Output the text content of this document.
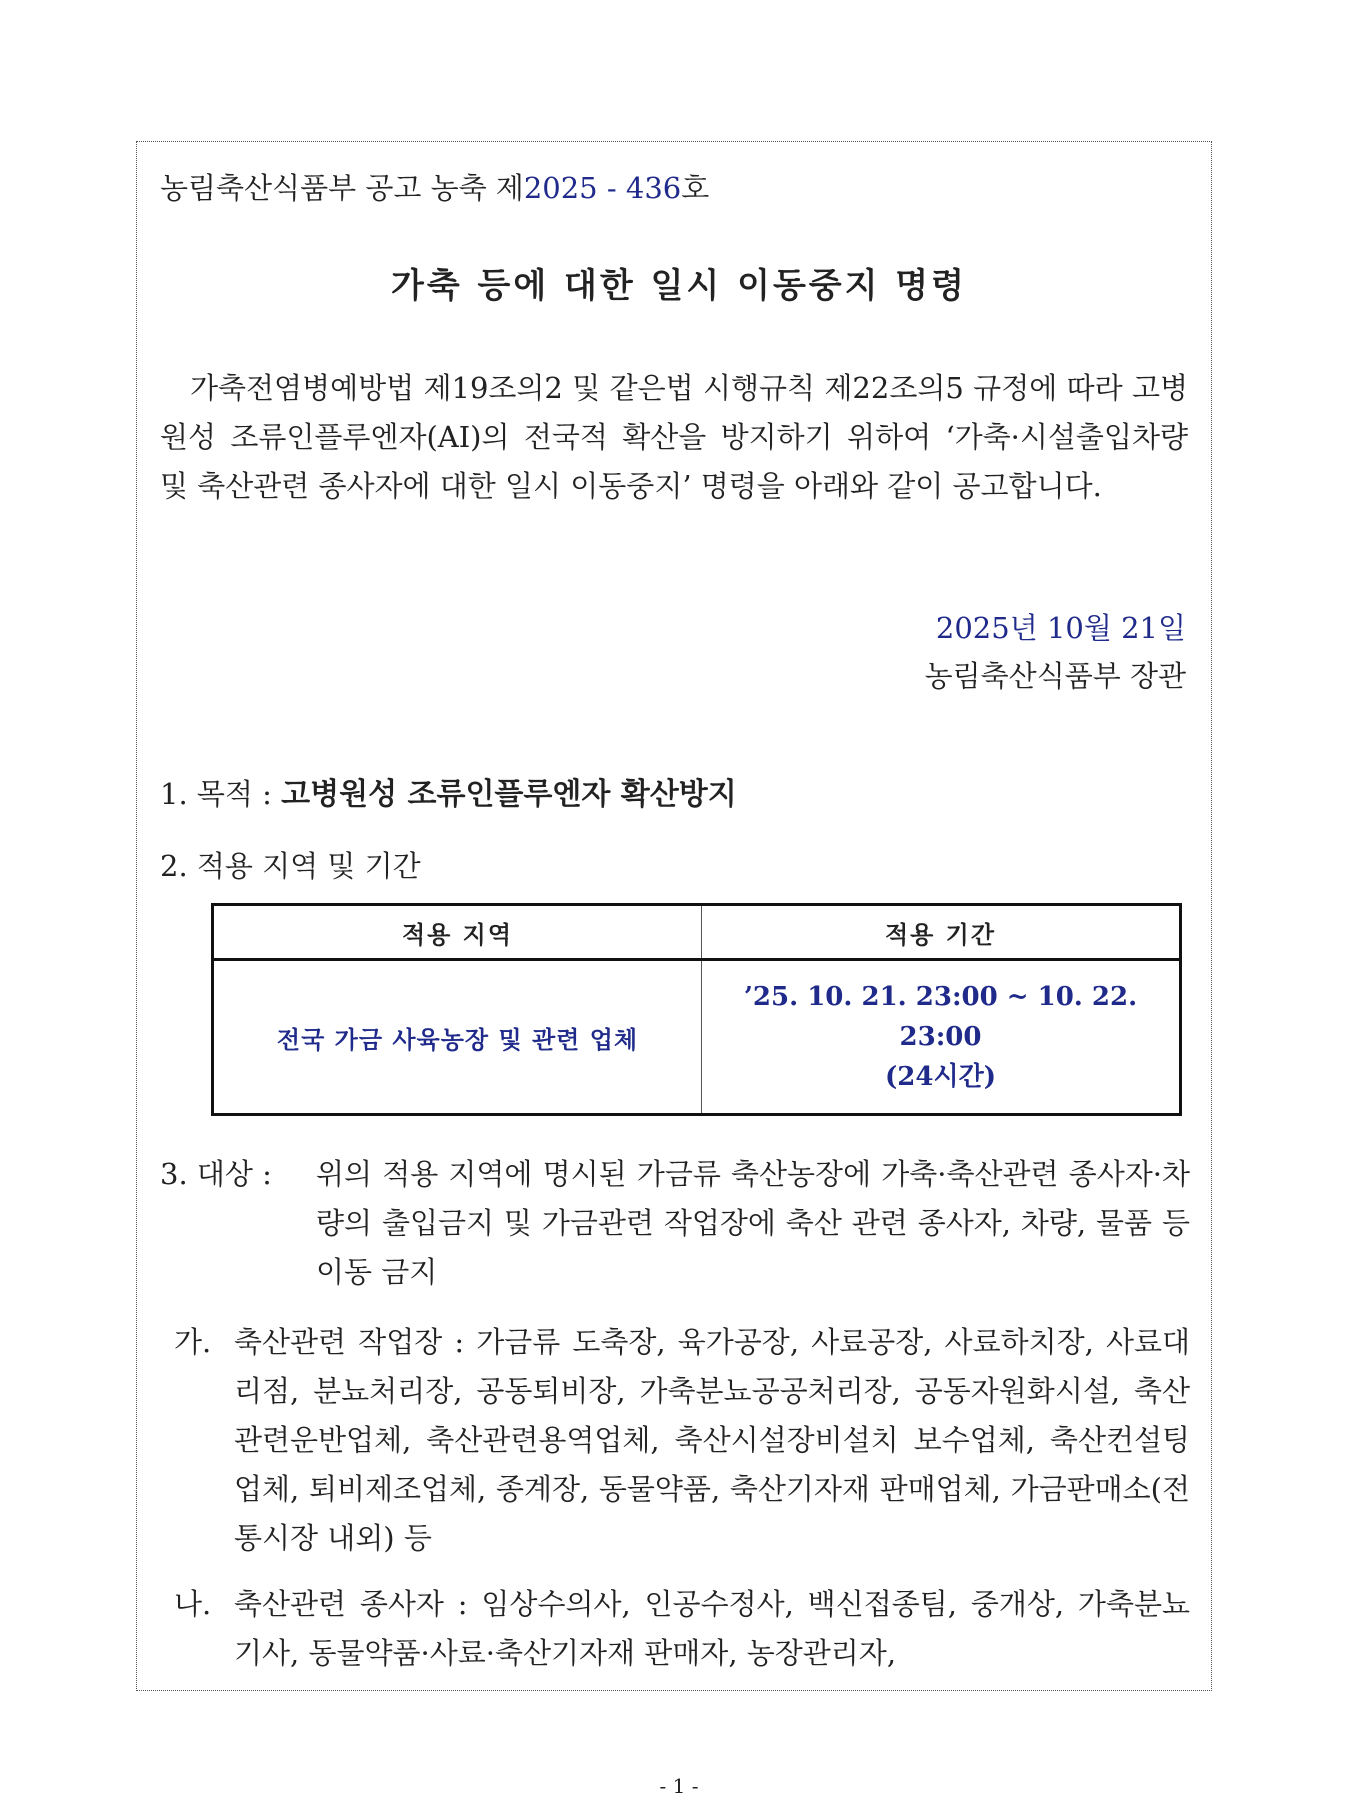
농림축산식품부 공고 농축 제2025 - 436호
가축 등에 대한 일시 이동중지 명령
가축전염병예방법 제19조의2 및 같은법 시행규칙 제22조의5 규정에 따라 고병원성 조류인플루엔자(AI)의 전국적 확산을 방지하기 위하여 ‘가축·시설출입차량 및 축산관련 종사자에 대한 일시 이동중지’ 명령을 아래와 같이 공고합니다.
2025년 10월 21일
농림축산식품부 장관
1. 목적 : 고병원성 조류인플루엔자 확산방지
2. 적용 지역 및 기간
적용 지역	적용 기간
전국 가금 사육농장 및 관련 업체	’25. 10. 21. 23:00 ~ 10. 22. 23:00
(24시간)
3. 대상 : 위의 적용 지역에 명시된 가금류 축산농장에 가축·축산관련 종사자·차량의 출입금지 및 가금관련 작업장에 축산 관련 종사자, 차량, 물품 등 이동 금지
가. 축산관련 작업장 : 가금류 도축장, 육가공장, 사료공장, 사료하치장, 사료대리점, 분뇨처리장, 공동퇴비장, 가축분뇨공공처리장, 공동자원화시설, 축산관련운반업체, 축산관련용역업체, 축산시설장비설치 보수업체, 축산컨설팅업체, 퇴비제조업체, 종계장, 동물약품, 축산기자재 판매업체, 가금판매소(전통시장 내외) 등
나. 축산관련 종사자 : 임상수의사, 인공수정사, 백신접종팀, 중개상, 가축분뇨 기사, 동물약품·사료·축산기자재 판매자, 농장관리자,
- 1 -
